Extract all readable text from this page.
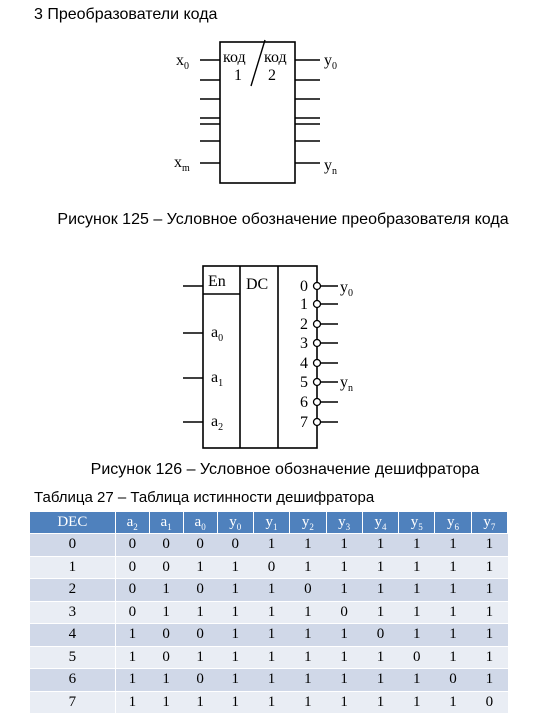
3 Преобразователи кода
код
1
код
2
$x_0$
$x_m$
$y_0$
$y_n$
Рисунок 125 – Условное обозначение преобразователя кода
En DC
$a_0$
$a_1$
$a_2$
0
1
2
3
4
5
6
7
$y_0$
$y_n$
Рисунок 126 – Условное обозначение дешифратора
Таблица 27 – Таблица истинности дешифратора
DEC	$a_2$	$a_1$	$a_0$	$y_0$	$y_1$	$y_2$	$y_3$	$y_4$	$y_5$	$y_6$	$y_7$
0	0	0	0	0	1	1	1	1	1	1	1
1	0	0	1	1	0	1	1	1	1	1	1
2	0	1	0	1	1	0	1	1	1	1	1
3	0	1	1	1	1	1	0	1	1	1	1
4	1	0	0	1	1	1	1	0	1	1	1
5	1	0	1	1	1	1	1	1	0	1	1
6	1	1	0	1	1	1	1	1	1	0	1
7	1	1	1	1	1	1	1	1	1	1	0
